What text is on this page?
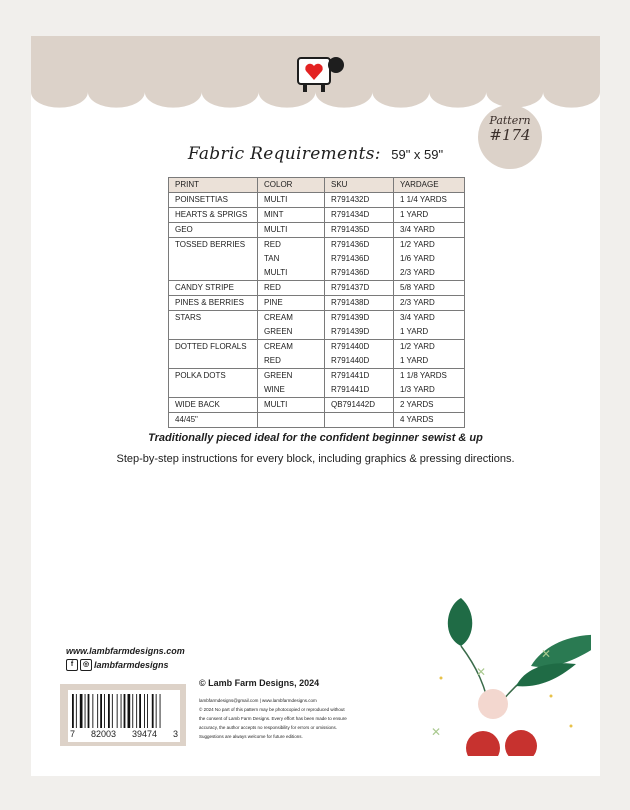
Pattern
#174
Fabric Requirements: 59" x 59"
PRINT	COLOR	SKU	YARDAGE
POINSETTIAS	MULTI	R791432D	1 1/4 YARDS
HEARTS & SPRIGS	MINT	R791434D	1 YARD
GEO	MULTI	R791435D	3/4 YARD
TOSSED BERRIES	RED	R791436D	1/2 YARD
	TAN	R791436D	1/6 YARD
	MULTI	R791436D	2/3 YARD
CANDY STRIPE	RED	R791437D	5/8 YARD
PINES & BERRIES	PINE	R791438D	2/3 YARD
STARS	CREAM	R791439D	3/4 YARD
	GREEN	R791439D	1 YARD
DOTTED FLORALS	CREAM	R791440D	1/2 YARD
	RED	R791440D	1 YARD
POLKA DOTS	GREEN	R791441D	1 1/8 YARDS
	WINE	R791441D	1/3 YARD
WIDE BACK	MULTI	QB791442D	2 YARDS
44/45"			4 YARDS
Traditionally pieced ideal for the confident beginner sewist & up
Step-by-step instructions for every block, including graphics & pressing directions.
www.lambfarmdesigns.com
f	◎ lambfarmdesigns
7 82003 39474 3
© Lamb Farm Designs, 2024
lambfarmdesigns@gmail.com | www.lambfarmdesigns.com
© 2024 No part of this pattern may be photocopied or reproduced without
the consent of Lamb Farm Designs. Every effort has been made to ensure
accuracy, the author accepts no responsibility for errors or omissions.
Suggestions are always welcome for future editions.
✕
✕
✕
